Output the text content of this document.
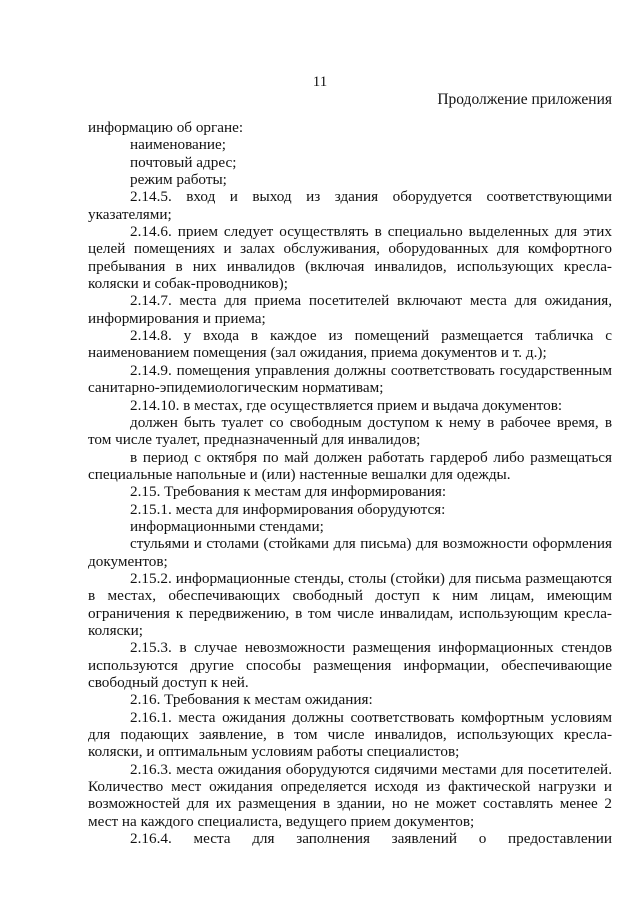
11
Продолжение приложения

информацию об органе:

наименование;

почтовый адрес;

режим работы;

2.14.5. вход и выход из здания оборудуется соответствующими указателями;

2.14.6. прием следует осуществлять в специально выделенных для этих целей помещениях и залах обслуживания, оборудованных для комфортного пребывания в них инвалидов (включая инвалидов, использующих кресла-коляски и собак-проводников);

2.14.7. места для приема посетителей включают места для ожидания, информирования и приема;

2.14.8. у входа в каждое из помещений размещается табличка с наименованием помещения (зал ожидания, приема документов и т. д.);

2.14.9. помещения управления должны соответствовать государственным санитарно-эпидемиологическим нормативам;

2.14.10. в местах, где осуществляется прием и выдача документов:

должен быть туалет со свободным доступом к нему в рабочее время, в том числе туалет, предназначенный для инвалидов;

в период с октября по май должен работать гардероб либо размещаться специальные напольные и (или) настенные вешалки для одежды.

2.15. Требования к местам для информирования:

2.15.1. места для информирования оборудуются:

информационными стендами;

стульями и столами (стойками для письма) для возможности оформления документов;

2.15.2. информационные стенды, столы (стойки) для письма размещаются в местах, обеспечивающих свободный доступ к ним лицам, имеющим ограничения к передвижению, в том числе инвалидам, использующим кресла-коляски;

2.15.3. в случае невозможности размещения информационных стендов используются другие способы размещения информации, обеспечивающие свободный доступ к ней.

2.16. Требования к местам ожидания:

2.16.1. места ожидания должны соответствовать комфортным условиям для подающих заявление, в том числе инвалидов, использующих кресла-коляски, и оптимальным условиям работы специалистов;

2.16.3. места ожидания оборудуются сидячими местами для посетителей. Количество мест ожидания определяется исходя из фактической нагрузки и возможностей для их размещения в здании, но не может составлять менее 2 мест на каждого специалиста, ведущего прием документов;

2.16.4. места для заполнения заявлений о предоставлении
